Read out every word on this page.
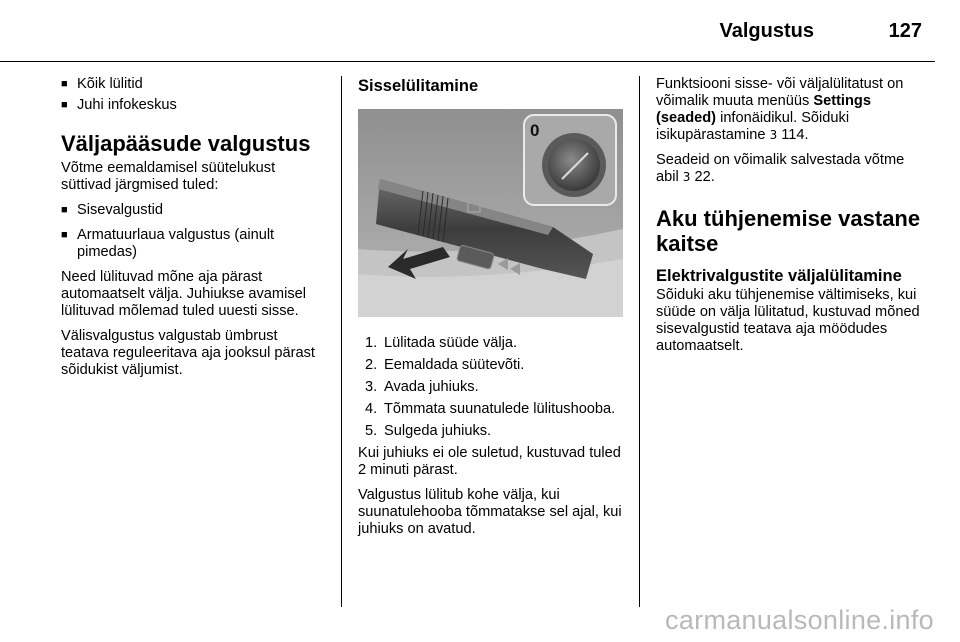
Valgustus	127
■ Kõik lülitid
■ Juhi infokeskus
Väljapääsude valgustus

Võtme eemaldamisel süütelukust süttivad järgmised tuled:

■ Sisevalgustid
■ Armatuurlaua valgustus (ainult pimedas)

Need lülituvad mõne aja pärast automaatselt välja. Juhiukse avamisel lülituvad mõlemad tuled uuesti sisse.

Välisvalgustus valgustab ümbrust teatava reguleeritava aja jooksul pärast sõidukist väljumist.

Sisselülitamine
0
1. Lülitada süüde välja.
2. Eemaldada süütevõti.
3. Avada juhiuks.
4. Tõmmata suunatulede lülitushooba.
5. Sulgeda juhiuks.

Kui juhiuks ei ole suletud, kustuvad tuled 2 minuti pärast.

Valgustus lülitub kohe välja, kui suunatulehooba tõmmatakse sel ajal, kui juhiuks on avatud.

Funktsiooni sisse- või väljalülitatust on võimalik muuta menüüs Settings (seaded) infonäidikul. Sõiduki isikupärastamine 3 114.

Seadeid on võimalik salvestada võtme abil 3 22.

Aku tühjenemise vastane kaitse
Elektrivalgustite väljalülitamine

Sõiduki aku tühjenemise vältimiseks, kui süüde on välja lülitatud, kustuvad mõned sisevalgustid teatava aja möödudes automaatselt.

carmanualsonline.info
